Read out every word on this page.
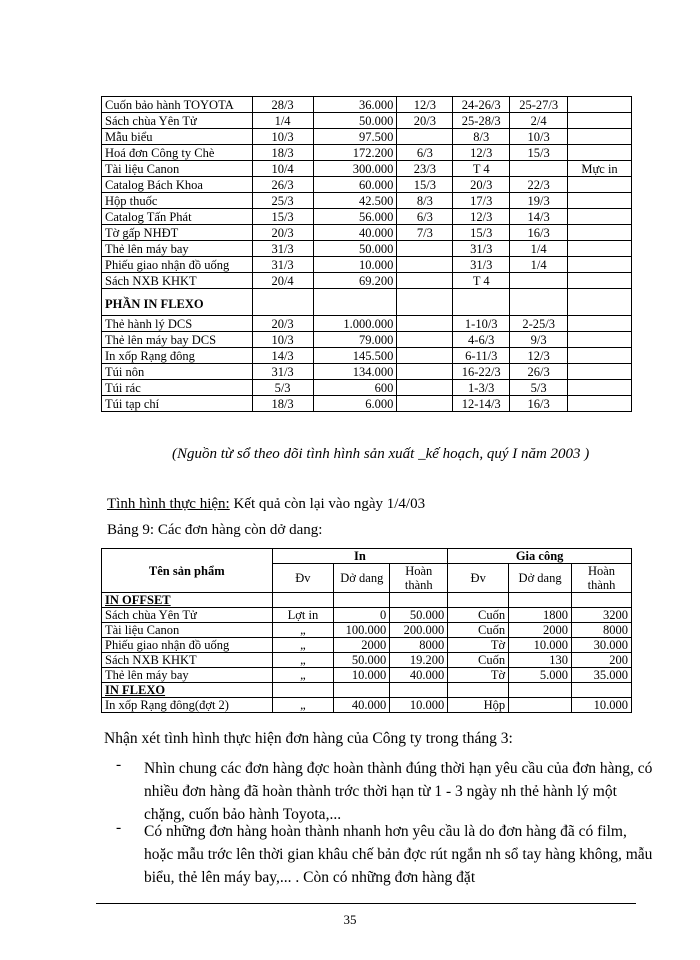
Cuốn bảo hành TOYOTA	28/3	36.000	12/3	24-26/3	25-27/3	
Sách chùa Yên Tử	1/4	50.000	20/3	25-28/3	2/4	
Mẫu biểu	10/3	97.500		8/3	10/3	
Hoá đơn Công ty Chè	18/3	172.200	6/3	12/3	15/3	
Tài liệu Canon	10/4	300.000	23/3	T 4		Mực in
Catalog Bách Khoa	26/3	60.000	15/3	20/3	22/3	
Hộp thuốc	25/3	42.500	8/3	17/3	19/3	
Catalog Tấn Phát	15/3	56.000	6/3	12/3	14/3	
Tờ gấp NHĐT	20/3	40.000	7/3	15/3	16/3	
Thẻ lên máy bay	31/3	50.000		31/3	1/4	
Phiếu giao nhận đồ uống	31/3	10.000		31/3	1/4	
Sách NXB KHKT	20/4	69.200		T 4		
PHẦN IN FLEXO						
Thẻ hành lý DCS	20/3	1.000.000		1-10/3	2-25/3	
Thẻ lên máy bay DCS	10/3	79.000		4-6/3	9/3	
In xốp Rạng đông	14/3	145.500		6-11/3	12/3	
Túi nôn	31/3	134.000		16-22/3	26/3	
Túi rác	5/3	600		1-3/3	5/3	
Túi tạp chí	18/3	6.000		12-14/3	16/3	
(Nguồn từ sổ theo dõi tình hình sản xuất _kế hoạch, quý I năm 2003 )
Tình hình thực hiện: Kết quả còn lại vào ngày 1/4/03
Bảng 9: Các đơn hàng còn dở dang:
Tên sản phẩm	In			Gia công		
	Đv	Dở dang	Hoàn thành	Đv	Dở dang	Hoàn thành
IN OFFSET						
Sách chùa Yên Tử	Lợt in	0	50.000	Cuốn	1800	3200
Tài liệu Canon	„	100.000	200.000	Cuốn	2000	8000
Phiếu giao nhận đồ uống	„	2000	8000	Tờ	10.000	30.000
Sách NXB KHKT	„	50.000	19.200	Cuốn	130	200
Thẻ lên máy bay	„	10.000	40.000	Tờ	5.000	35.000
IN FLEXO						
In xốp Rạng đông(đợt 2)	„	40.000	10.000	Hộp		10.000
Nhận xét tình hình thực hiện đơn hàng của Công ty trong tháng 3:
- Nhìn chung các đơn hàng đợc hoàn thành đúng thời hạn yêu cầu của đơn hàng, có nhiều đơn hàng đã hoàn thành trớc thời hạn từ 1 - 3 ngày nh thẻ hành lý một chặng, cuốn bảo hành Toyota,...
- Có những đơn hàng hoàn thành nhanh hơn yêu cầu là do đơn hàng đã có film, hoặc mẫu trớc lên thời gian khâu chế bản đợc rút ngắn nh sổ tay hàng không, mẫu biểu, thẻ lên máy bay,... . Còn có những đơn hàng đặt
35
